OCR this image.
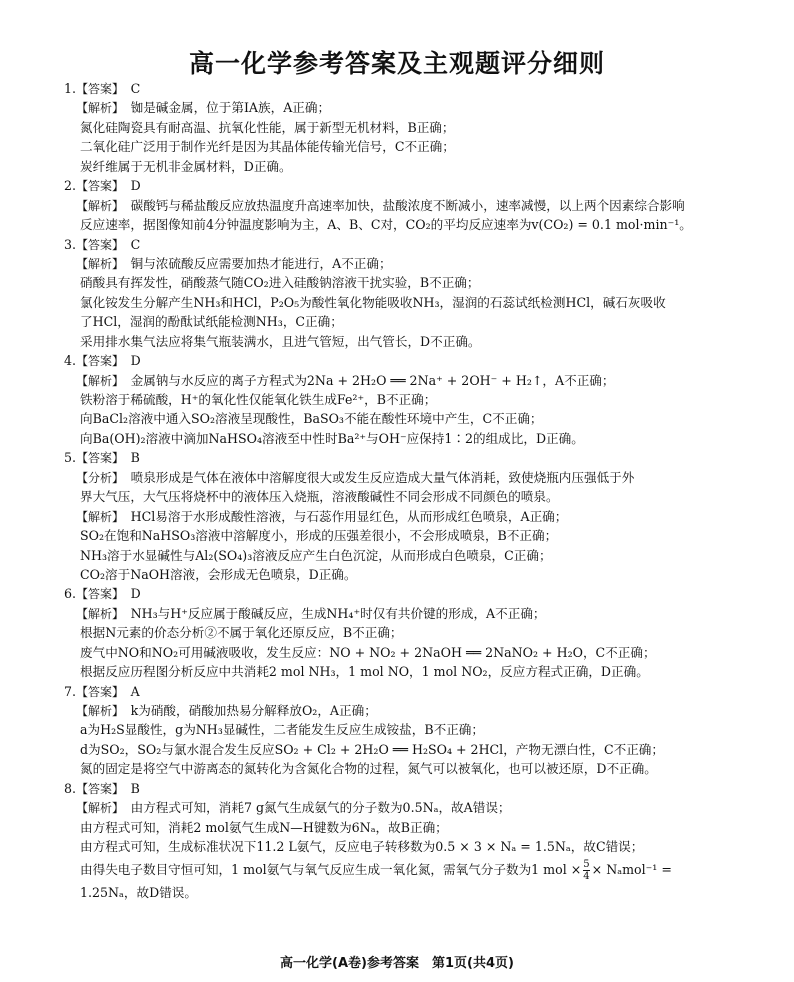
高一化学参考答案及主观题评分细则
1.【答案】　 C
【解析】　 铷是碱金属，位于第ⅠA族，A正确；
氮化硅陶瓷具有耐高温、抗氧化性能，属于新型无机材料，B正确；
二氧化硅广泛用于制作光纤是因为其晶体能传输光信号，C不正确；
炭纤维属于无机非金属材料，D正确。
2.【答案】　 D
【解析】　 碳酸钙与稀盐酸反应放热温度升高速率加快，盐酸浓度不断减小，速率减慢，以上两个因素综合影响
反应速率，据图像知前4分钟温度影响为主，A、B、C对，CO₂的平均反应速率为v(CO₂) = 0.1 mol·min⁻¹。
3.【答案】　 C
【解析】　 铜与浓硫酸反应需要加热才能进行，A不正确；
硝酸具有挥发性，硝酸蒸气随CO₂进入硅酸钠溶液干扰实验，B不正确；
氯化铵发生分解产生NH₃和HCl，P₂O₅为酸性氧化物能吸收NH₃，湿润的石蕊试纸检测HCl，碱石灰吸收
了HCl，湿润的酚酞试纸能检测NH₃，C正确；
采用排水集气法应将集气瓶装满水，且进气管短，出气管长，D不正确。
4.【答案】　 D
【解析】　 金属钠与水反应的离子方程式为2Na + 2H₂O ══ 2Na⁺ + 2OH⁻ + H₂↑，A不正确；
铁粉溶于稀硫酸，H⁺的氧化性仅能氧化铁生成Fe²⁺，B不正确；
向BaCl₂溶液中通入SO₂溶液呈现酸性，BaSO₃不能在酸性环境中产生，C不正确；
向Ba(OH)₂溶液中滴加NaHSO₄溶液至中性时Ba²⁺与OH⁻应保持1∶2的组成比，D正确。
5.【答案】　 B
【分析】　 喷泉形成是气体在液体中溶解度很大或发生反应造成大量气体消耗，致使烧瓶内压强低于外
界大气压，大气压将烧杯中的液体压入烧瓶，溶液酸碱性不同会形成不同颜色的喷泉。
【解析】　 HCl易溶于水形成酸性溶液，与石蕊作用显红色，从而形成红色喷泉，A正确；
SO₂在饱和NaHSO₃溶液中溶解度小，形成的压强差很小，不会形成喷泉，B不正确；
NH₃溶于水显碱性与Al₂(SO₄)₃溶液反应产生白色沉淀，从而形成白色喷泉，C正确；
CO₂溶于NaOH溶液，会形成无色喷泉，D正确。
6.【答案】　 D
【解析】　 NH₃与H⁺反应属于酸碱反应，生成NH₄⁺时仅有共价键的形成，A不正确；
根据N元素的价态分析②不属于氧化还原反应，B不正确；
废气中NO和NO₂可用碱液吸收，发生反应：NO + NO₂ + 2NaOH ══ 2NaNO₂ + H₂O，C不正确；
根据反应历程图分析反应中共消耗2 mol NH₃，1 mol NO，1 mol NO₂，反应方程式正确，D正确。
7.【答案】　 A
【解析】　 k为硝酸，硝酸加热易分解释放O₂，A正确；
a为H₂S显酸性，g为NH₃显碱性，二者能发生反应生成铵盐，B不正确；
d为SO₂，SO₂与氯水混合发生反应SO₂ + Cl₂ + 2H₂O ══ H₂SO₄ + 2HCl，产物无漂白性，C不正确；
氮的固定是将空气中游离态的氮转化为含氮化合物的过程，氮气可以被氧化，也可以被还原，D不正确。
8.【答案】　 B
【解析】　 由方程式可知，消耗7 g氮气生成氨气的分子数为0.5Nₐ，故A错误；
由方程式可知，消耗2 mol氨气生成N—H键数为6Nₐ，故B正确；
由方程式可知，生成标准状况下11.2 L氨气，反应电子转移数为0.5 × 3 × Nₐ = 1.5Nₐ，故C错误；
由得失电子数目守恒可知，1 mol氨气与氧气反应生成一氧化氮，需氧气分子数为1 mol × $\frac{5}{4} \times N_amol^{-1}$ =
1.25Nₐ，故D错误。
高一化学(A卷)参考答案　第1页(共4页)
